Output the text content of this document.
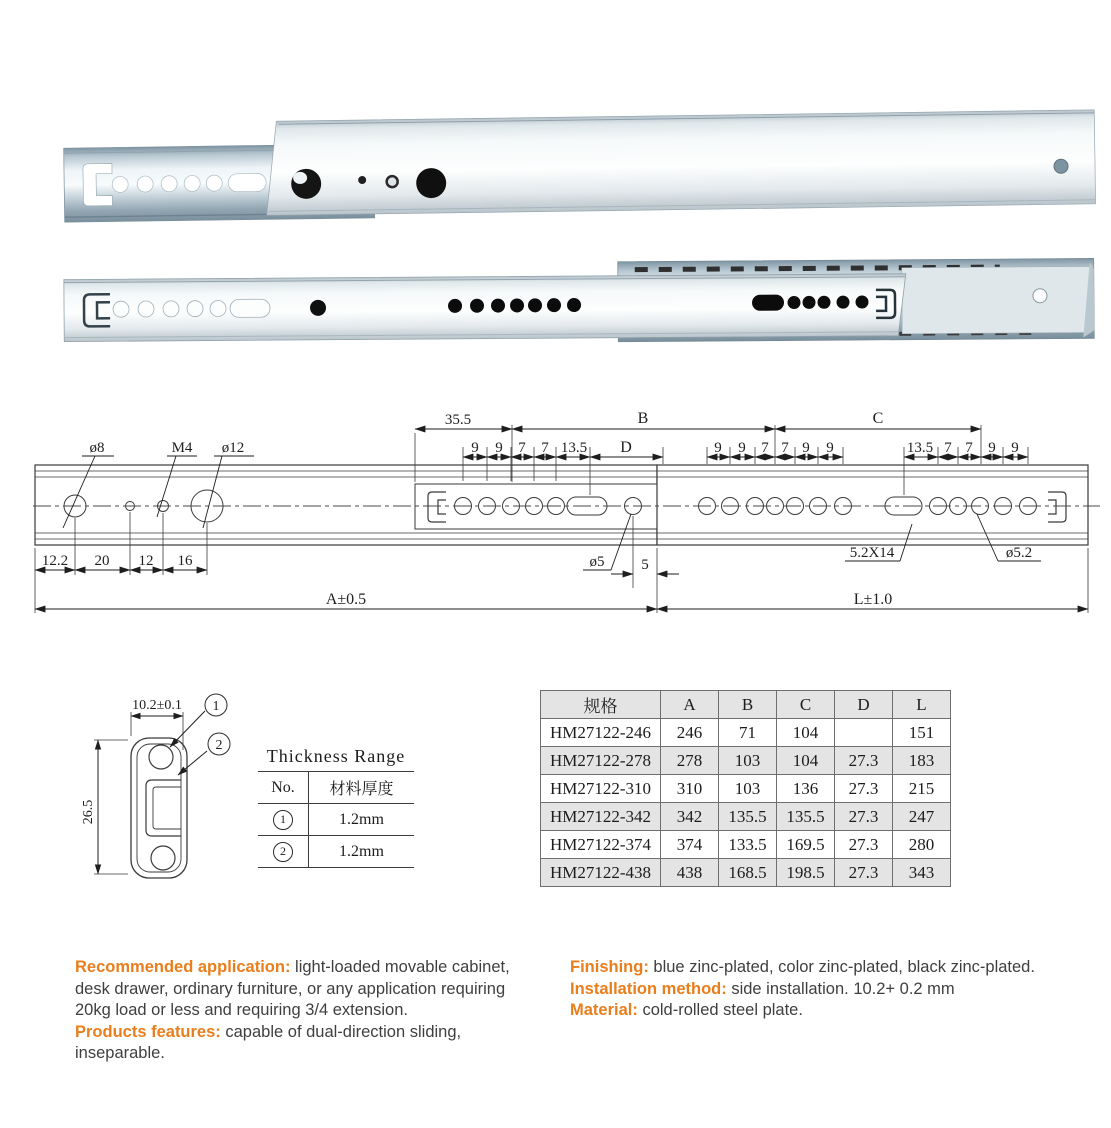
35.5	B	C
9 9 7 7 13.5 D	9 9 7 7 9 9	13.5 7 7 9 9
ø8	M4 ø12
ø5 5
5.2X14	ø5.2
12.2 20 12 16
A±0.5	L±1.0
1
2
10.2±0.1
26.5
Thickness Range
No.	材料厚度
1	1.2mm
2	1.2mm
规格	A	B	C	D	L
HM27122-246	246	71	104		151
HM27122-278	278	103	104	27.3	183
HM27122-310	310	103	136	27.3	215
HM27122-342	342	135.5	135.5	27.3	247
HM27122-374	374	133.5	169.5	27.3	280
HM27122-438	438	168.5	198.5	27.3	343

Recommended application: light-loaded movable cabinet, desk drawer, ordinary furniture, or any application requiring 20kg load or less and requiring 3/4 extension.

Products features: capable of dual-direction sliding, inseparable.

Finishing: blue zinc-plated, color zinc-plated, black zinc-plated.

Installation method: side installation. 10.2+ 0.2 mm

Material: cold-rolled steel plate.
